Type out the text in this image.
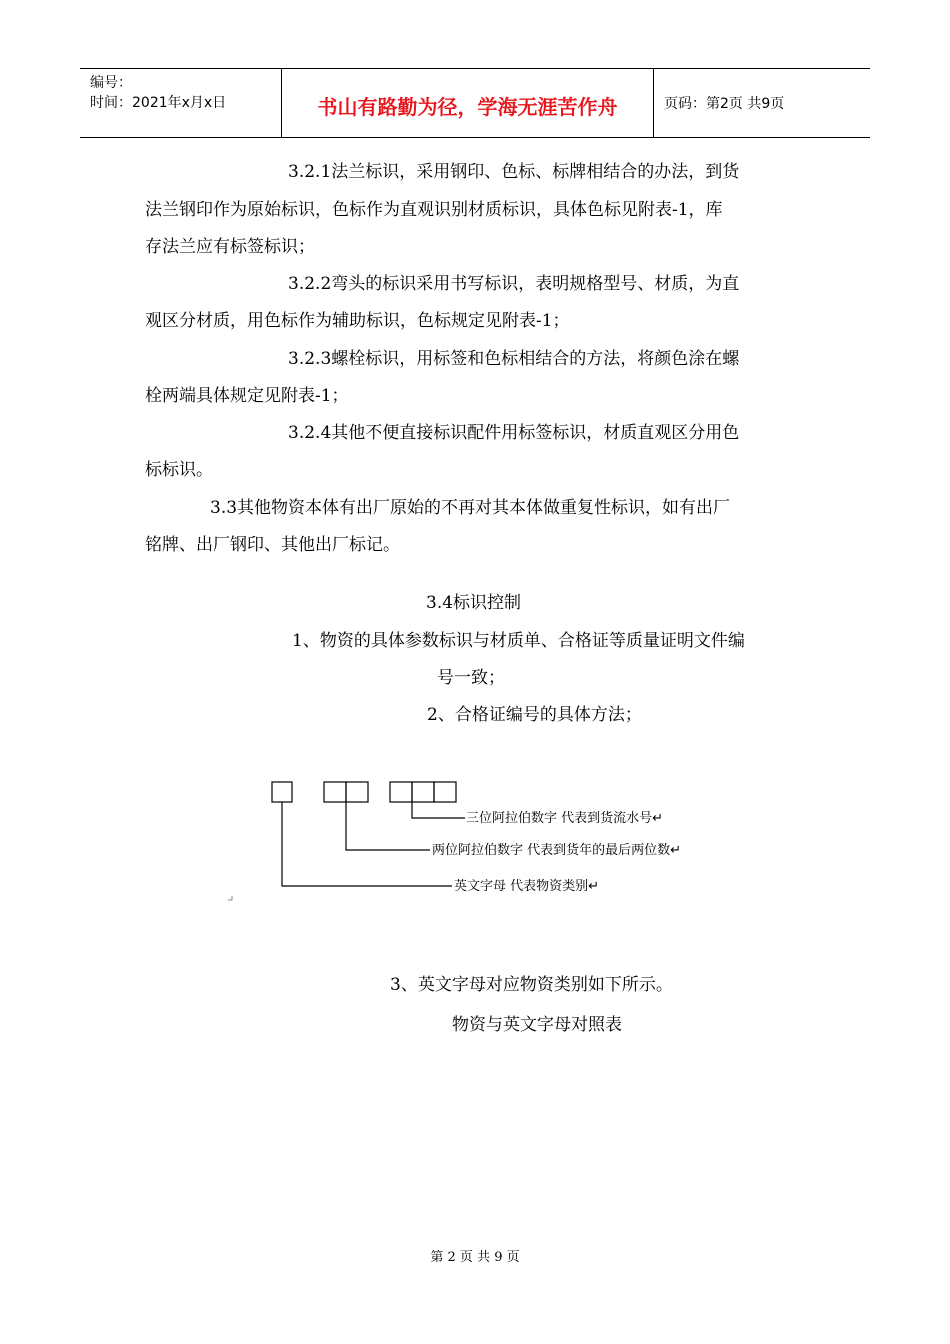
编号：
时间：2021年x月x日	书山有路勤为径，学海无涯苦作舟	页码：第2页 共9页

3.2.1法兰标识，采用钢印、色标、标牌相结合的办法，到货

法兰钢印作为原始标识，色标作为直观识别材质标识，具体色标见附表-1，库

存法兰应有标签标识；

3.2.2弯头的标识采用书写标识，表明规格型号、材质，为直

观区分材质，用色标作为辅助标识，色标规定见附表-1；

3.2.3螺栓标识，用标签和色标相结合的方法，将颜色涂在螺

栓两端具体规定见附表-1；

3.2.4其他不便直接标识配件用标签标识，材质直观区分用色

标标识。

3.3其他物资本体有出厂原始的不再对其本体做重复性标识，如有出厂

铭牌、出厂钢印、其他出厂标记。

3.4标识控制

1、物资的具体参数标识与材质单、合格证等质量证明文件编

号一致；

2、合格证编号的具体方法；

三位阿拉伯数字 代表到货流水号↵
两位阿拉伯数字 代表到货年的最后两位数↵
英文字母 代表物资类别↵

3、英文字母对应物资类别如下所示。

物资与英文字母对照表

第 2 页 共 9 页
